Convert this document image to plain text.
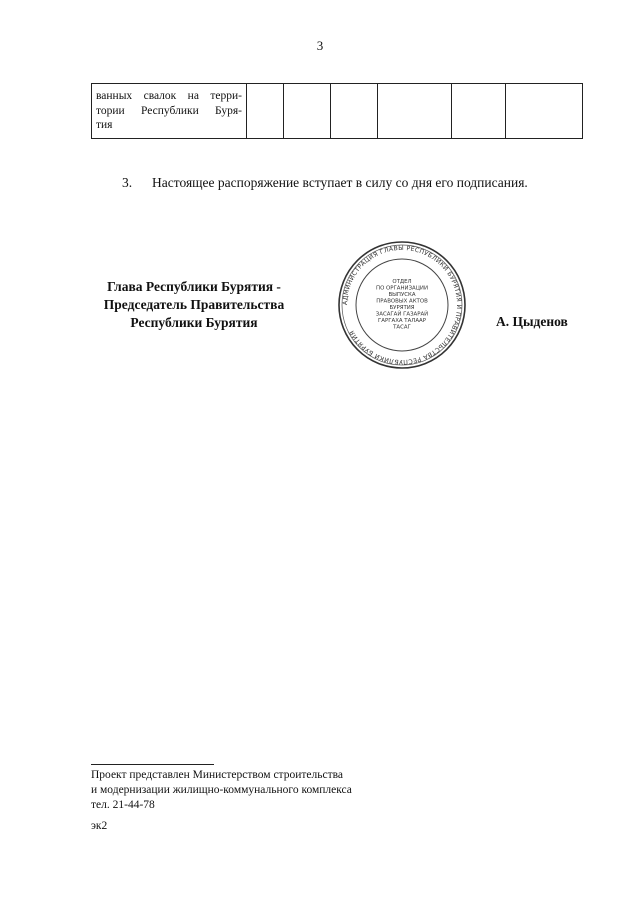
3
ванных свалок на терри-
тории Республики Буря-
тия

3. Настоящее распоряжение вступает в силу со дня его подписания.
Глава Республики Бурятия -
Председатель Правительства
Республики Бурятия
АДМИНИСТРАЦИЯ ГЛАВЫ РЕСПУБЛИКИ БУРЯТИЯ И ПРАВИТЕЛЬСТВА РЕСПУБЛИКИ БУРЯТИЯ
ОТДЕЛ
ПО ОРГАНИЗАЦИИ
ВЫПУСКА
ПРАВОВЫХ АКТОВ
БУРЯТИЯ
ЗАСАГАЙ ГАЗАРАЙ
ГАРГАХА ТАЛААР
ТАСАГ	А. Цыденов
Проект представлен Министерством строительства
и модернизации жилищно-коммунального комплекса
тел. 21-44-78
эк2
